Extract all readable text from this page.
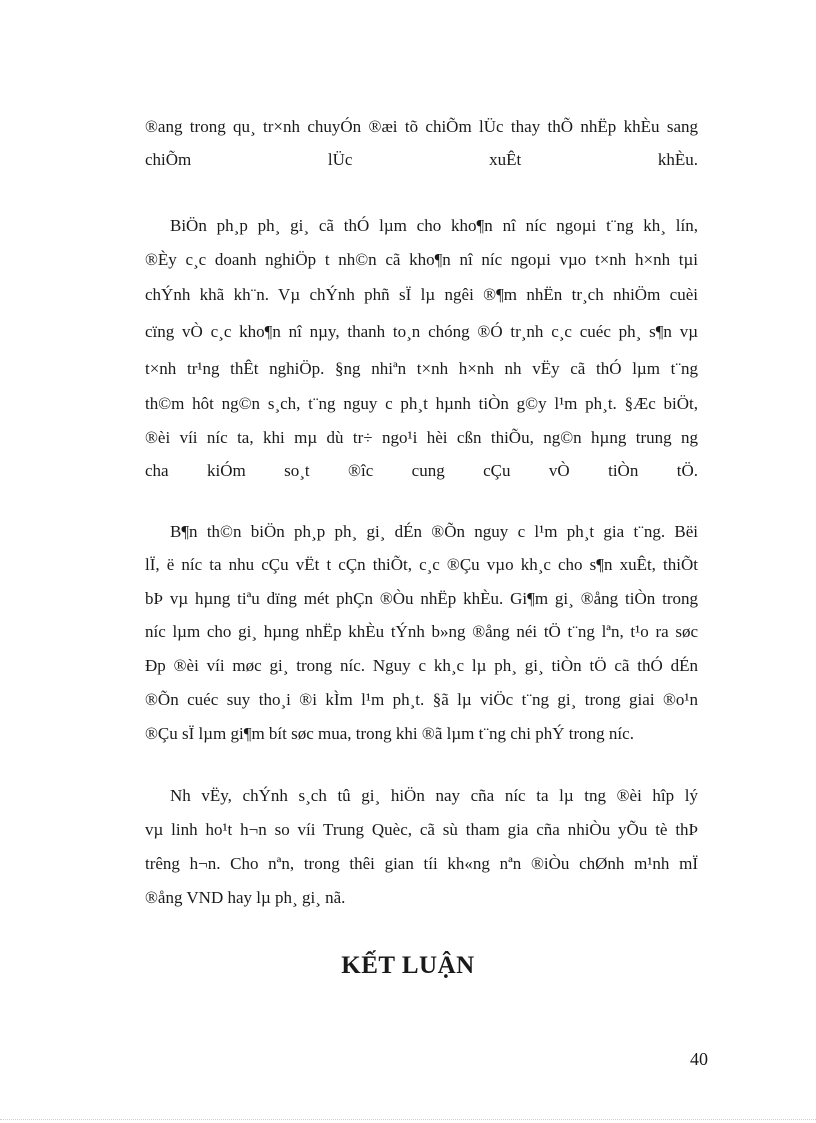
®ang trong qu¸ tr×nh chuyÓn ®æi tõ chiÕm lÜc thay thÕ nhËp khÈu sang
chiÕm lÜc xuÊt khÈu.
BiÖn ph¸p ph¸ gi¸ cã thÓ lµm cho kho¶n nî níc ngoµi t¨ng kh¸ lín,
®Èy c¸c doanh nghiÖp t nh©n cã kho¶n nî níc ngoµi vµo t×nh h×nh tµi
chÝnh khã kh¨n. Vµ chÝnh phñ sÏ lµ ngêi ®¶m nhËn tr¸ch nhiÖm cuèi
cïng vÒ c¸c kho¶n nî nµy, thanh to¸n chóng ®Ó tr¸nh c¸c cuéc ph¸ s¶n vµ
t×nh tr¹ng thÊt nghiÖp. §ng nhiªn t×nh h×nh nh vËy cã thÓ lµm t¨ng
th©m hôt ng©n s¸ch, t¨ng nguy c ph¸t hµnh tiÒn g©y l¹m ph¸t. §Æc biÖt,
®èi víi níc ta, khi mµ dù tr÷ ngo¹i hèi cßn thiÕu, ng©n hµng trung ng
cha kiÓm so¸t ®îc cung cÇu vÒ tiÒn tÖ.
B¶n th©n biÖn ph¸p ph¸ gi¸ dÉn ®Õn nguy c l¹m ph¸t gia t¨ng. Bëi
lÏ, ë níc ta nhu cÇu vËt t cÇn thiÕt, c¸c ®Çu vµo kh¸c cho s¶n xuÊt, thiÕt
bÞ vµ hµng tiªu dïng mét phÇn ®Òu nhËp khÈu. Gi¶m gi¸ ®ång tiÒn trong
níc lµm cho gi¸ hµng nhËp khÈu tÝnh b»ng ®ång néi tÖ t¨ng lªn, t¹o ra søc
Ðp ®èi víi møc gi¸ trong níc. Nguy c kh¸c lµ ph¸ gi¸ tiÒn tÖ cã thÓ dÉn
®Õn cuéc suy tho¸i ®i kÌm l¹m ph¸t. §ã lµ viÖc t¨ng gi¸ trong giai ®o¹n
®Çu sÏ lµm gi¶m bít søc mua, trong khi ®ã lµm t¨ng chi phÝ trong níc.
Nh vËy, chÝnh s¸ch tû gi¸ hiÖn nay cña níc ta lµ tng ®èi hîp lý
vµ linh ho¹t h¬n so víi Trung Quèc, cã sù tham gia cña nhiÒu yÕu tè thÞ
trêng h¬n. Cho nªn, trong thêi gian tíi kh«ng nªn ®iÒu chØnh m¹nh mÏ
®ång VND hay lµ ph¸ gi¸ nã.
KẾT LUẬN
40
